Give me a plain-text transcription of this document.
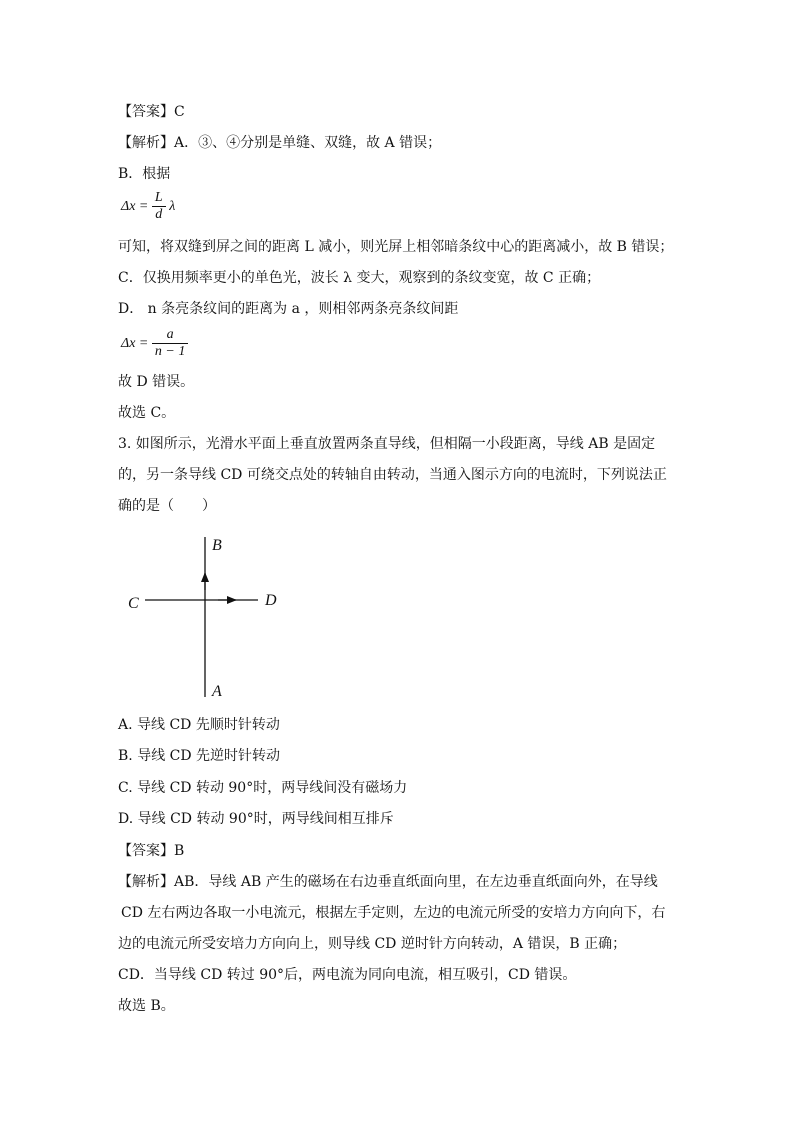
【答案】C
【解析】A．③、④分别是单缝、双缝，故 A 错误；
B．根据
$\Delta x = \frac{L}{d}$ λ
可知，将双缝到屏之间的距离 L 减小，则光屏上相邻暗条纹中心的距离减小，故 B 错误；
C．仅换用频率更小的单色光，波长 λ 变大，观察到的条纹变宽，故 C 正确；
D． n 条亮条纹间的距离为 a ，则相邻两条亮条纹间距
$\Delta x = \frac{a}{n - 1}$
故 D 错误。
故选 C。
3. 如图所示，光滑水平面上垂直放置两条直导线，但相隔一小段距离，导线 AB 是固定
的，另一条导线 CD 可绕交点处的转轴自由转动，当通入图示方向的电流时，下列说法正
确的是（　　）
B
A
C	D
A. 导线 CD 先顺时针转动
B. 导线 CD 先逆时针转动
C. 导线 CD 转动 90°时，两导线间没有磁场力
D. 导线 CD 转动 90°时，两导线间相互排斥
【答案】B
【解析】AB．导线 AB 产生的磁场在右边垂直纸面向里，在左边垂直纸面向外，在导线
CD 左右两边各取一小电流元，根据左手定则，左边的电流元所受的安培力方向向下，右
边的电流元所受安培力方向向上，则导线 CD 逆时针方向转动，A 错误，B 正确；
CD．当导线 CD 转过 90°后，两电流为同向电流，相互吸引，CD 错误。
故选 B。
